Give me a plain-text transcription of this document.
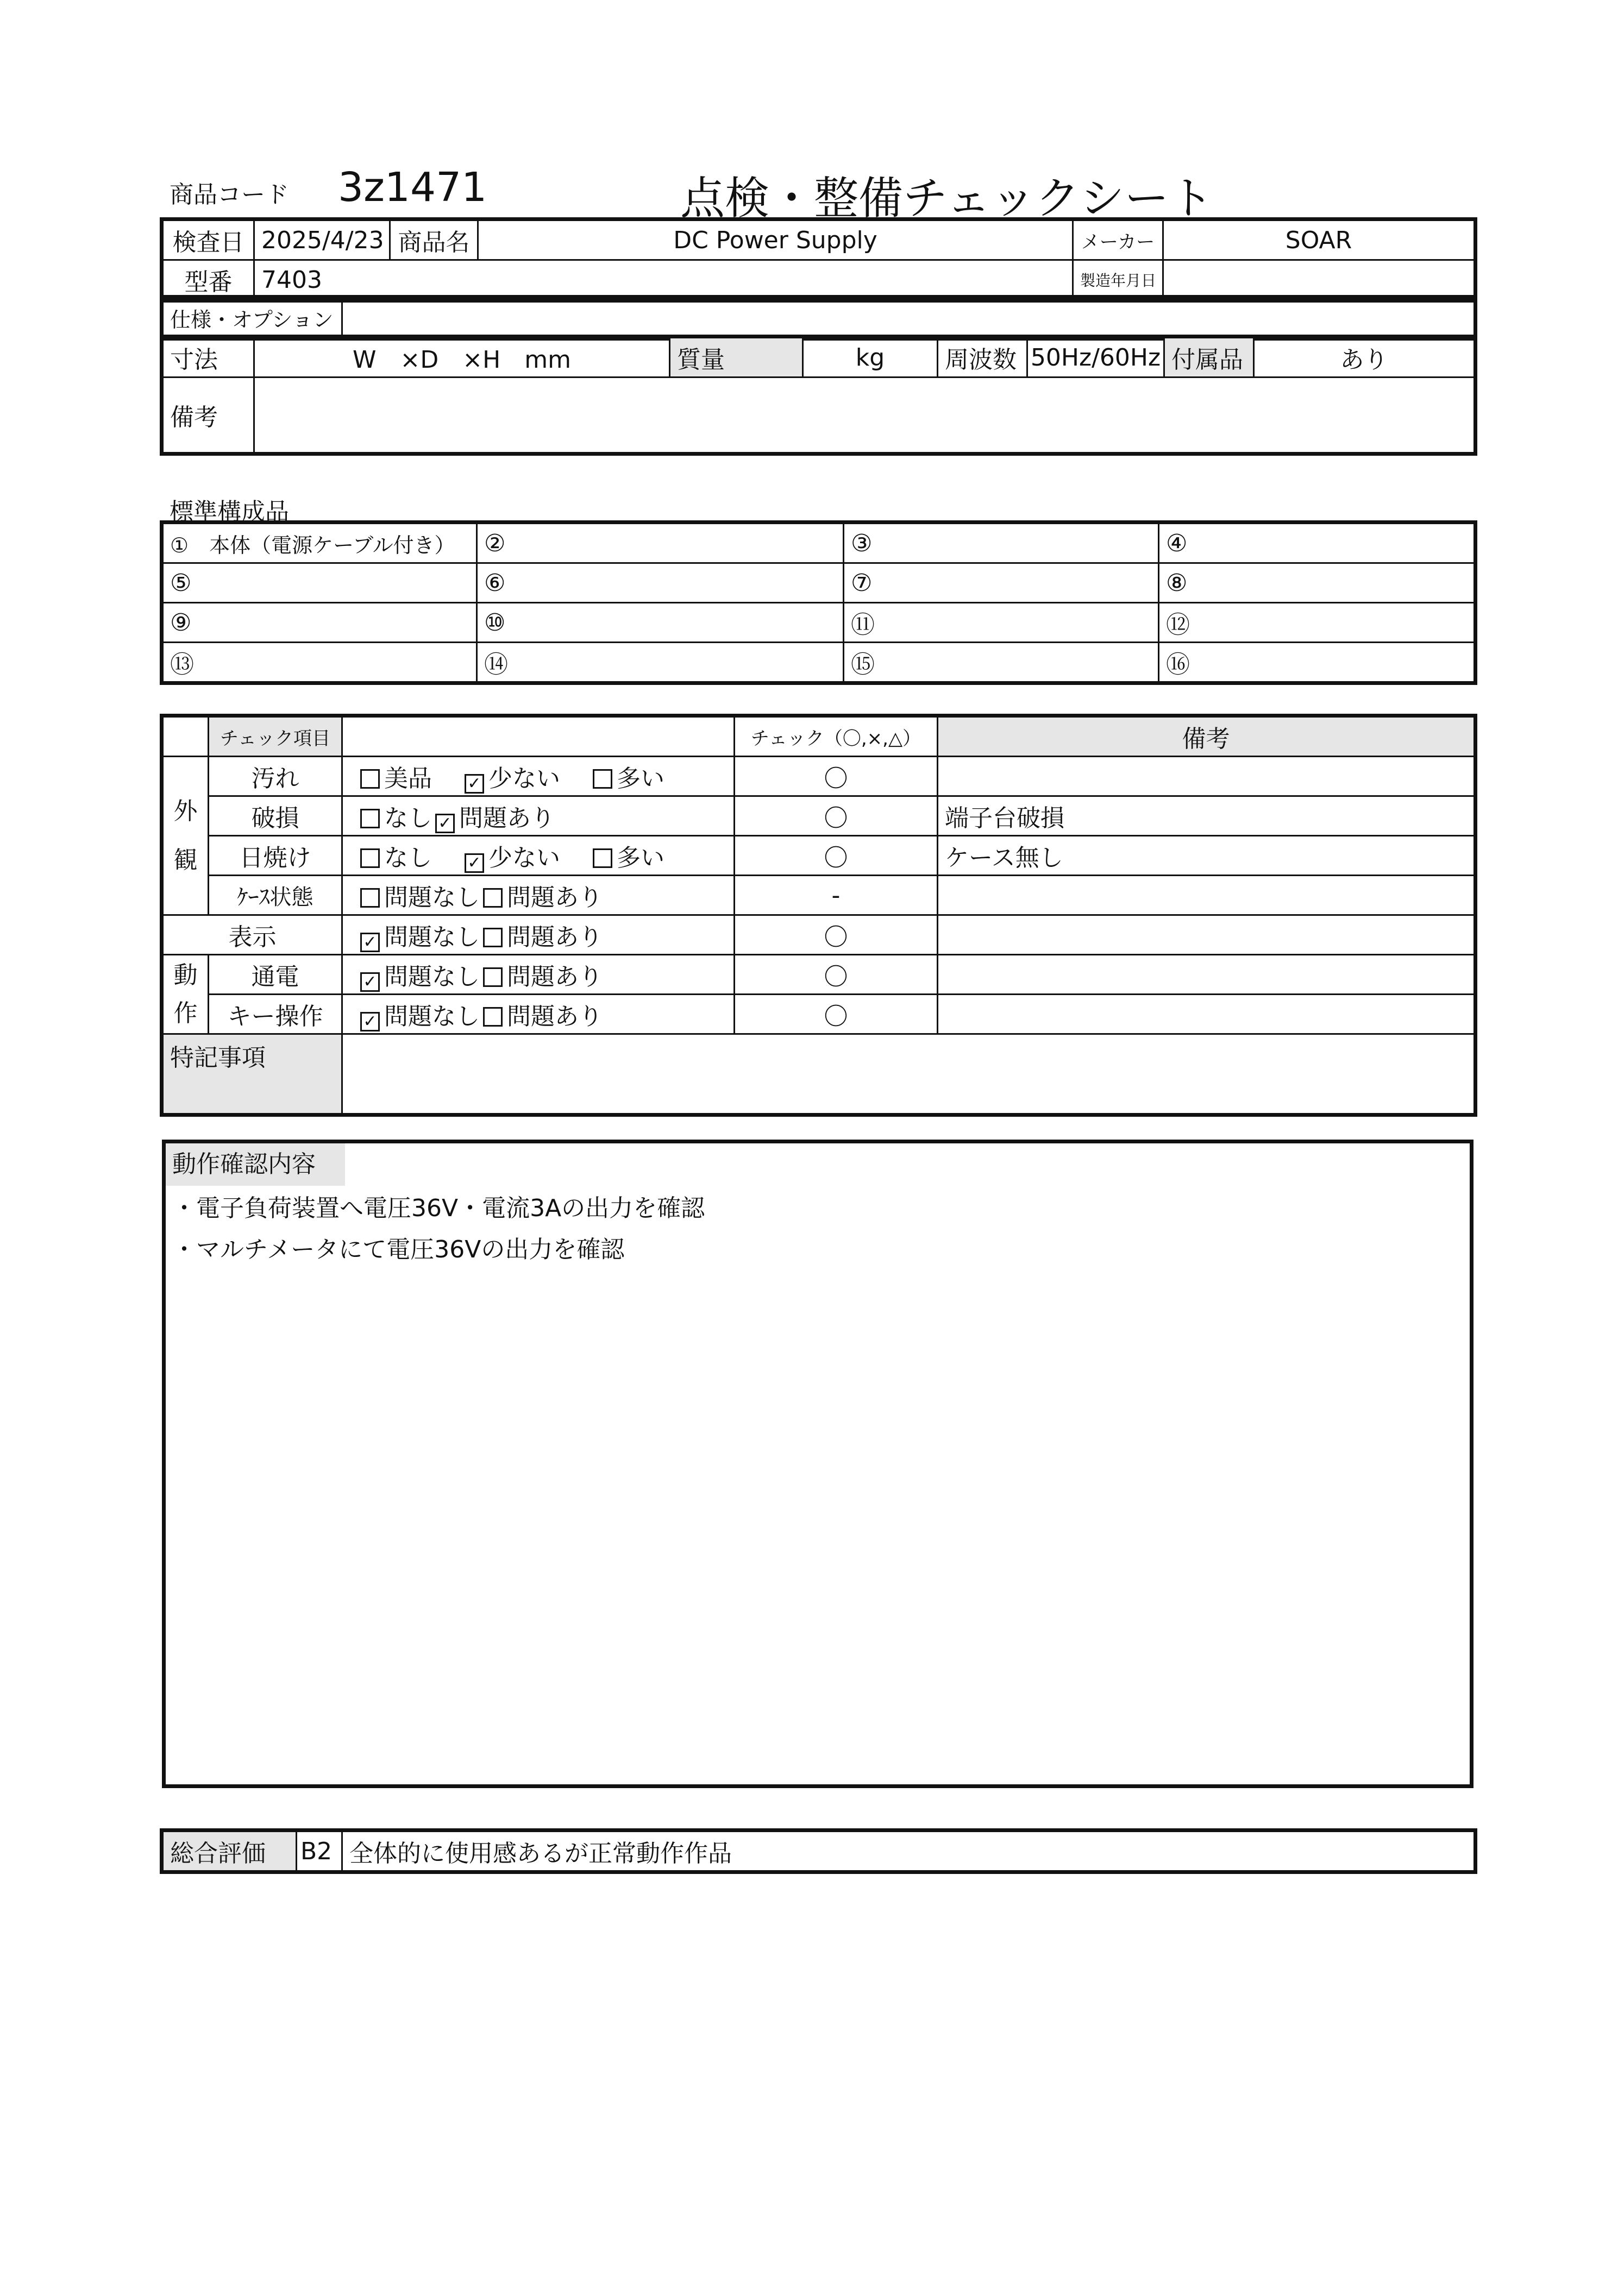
商品コード 3z1471	点検・整備チェックシート
検査日	2025/4/23	商品名	DC Power Supply	メーカー	SOAR
型番	7403			製造年月日	
仕様・オプション	
寸法	W　×D　×H　mm	質量	kg	周波数	50Hz/60Hz	付属品	あり
備考							
標準構成品
①　本体（電源ケーブル付き）	②	③	④
⑤	⑥	⑦	⑧
⑨	⑩	⑪	⑫
⑬	⑭	⑮	⑯
	チェック項目		チェック（〇,×,△）	備考

外
観	汚れ	美品 ✓ 少ない 多い	〇	
	破損	なし ✓ 問題あり	〇	端子台破損
	日焼け	なし ✓ 少ない 多い	〇	ケース無し
	ｹｰｽ状態	問題なし 問題あり	-	
表示		✓ 問題なし 問題あり	〇	

動
作	通電	✓ 問題なし 問題あり	〇	
	キー操作	✓ 問題なし 問題あり	〇	
特記事項				
動作確認内容
・電子負荷装置へ電圧36V・電流3Aの出力を確認
・マルチメータにて電圧36Vの出力を確認
総合評価	B2	全体的に使用感あるが正常動作作品
